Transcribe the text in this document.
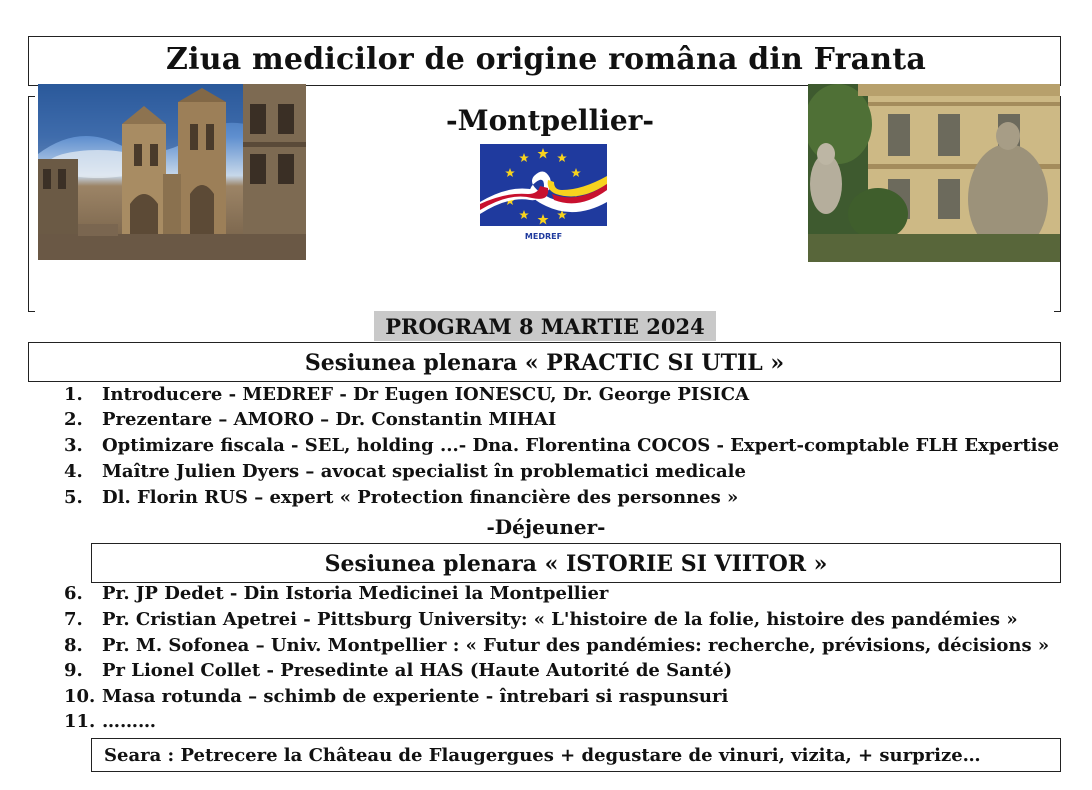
Ziua medicilor de origine româna din Franta
-Montpellier-
MEDREF
PROGRAM 8 MARTIE 2024
Sesiunea plenara « PRACTIC SI UTIL »
1. Introducere - MEDREF - Dr Eugen IONESCU, Dr. George PISICA
2. Prezentare – AMORO – Dr. Constantin MIHAI
3. Optimizare fiscala - SEL, holding ...- Dna. Florentina COCOS - Expert-comptable FLH Expertise
4. Maître Julien Dyers – avocat specialist în problematici medicale
5. Dl. Florin RUS – expert « Protection financière des personnes »
-Déjeuner-
Sesiunea plenara « ISTORIE SI VIITOR »
6. Pr. JP Dedet - Din Istoria Medicinei la Montpellier
7. Pr. Cristian Apetrei - Pittsburg University: « L'histoire de la folie, histoire des pandémies »
8. Pr. M. Sofonea – Univ. Montpellier : « Futur des pandémies: recherche, prévisions, décisions »
9. Pr Lionel Collet - Presedinte al HAS (Haute Autorité de Santé)
10. Masa rotunda – schimb de experiente - întrebari si raspunsuri
11. ………
Seara : Petrecere la Château de Flaugergues + degustare de vinuri, vizita, + surprize…
